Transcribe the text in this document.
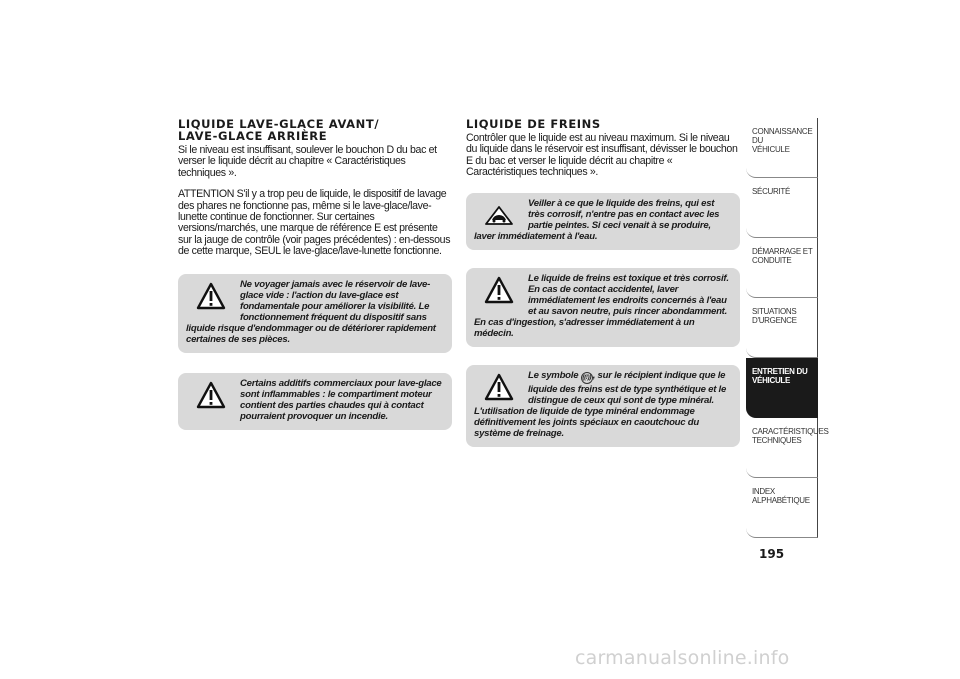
LIQUIDE LAVE-GLACE AVANT/
LAVE-GLACE ARRIÈRE

Si le niveau est insuffisant, soulever le bouchon D du bac et verser le liquide décrit au chapitre « Caractéristiques techniques ».

ATTENTION S'il y a trop peu de liquide, le dispositif de lavage des phares ne fonctionne pas, même si le lave-glace/lave-lunette continue de fonctionner. Sur certaines versions/marchés, une marque de référence E est présente sur la jauge de contrôle (voir pages précédentes) : en-dessous de cette marque, SEUL le lave-glace/lave-lunette fonctionne.

Ne voyager jamais avec le réservoir de lave-glace vide : l'action du lave-glace est fondamentale pour améliorer la visibilité. Le fonctionnement fréquent du dispositif sans liquide risque d'endommager ou de détériorer rapidement certaines de ses pièces.
Certains additifs commerciaux pour lave-glace sont inflammables : le compartiment moteur contient des parties chaudes qui à contact pourraient provoquer un incendie.
LIQUIDE DE FREINS

Contrôler que le liquide est au niveau maximum. Si le niveau du liquide dans le réservoir est insuffisant, dévisser le bouchon E du bac et verser le liquide décrit au chapitre « Caractéristiques techniques ».

Veiller à ce que le liquide des freins, qui est très corrosif, n'entre pas en contact avec les partie peintes. Si ceci venait à se produire, laver immédiatement à l'eau.
Le liquide de freins est toxique et très corrosif. En cas de contact accidentel, laver immédiatement les endroits concernés à l'eau et au savon neutre, puis rincer abondamment. En cas d'ingestion, s'adresser immédiatement à un médecin.
Le symbole ((!)) , sur le récipient indique que le liquide des freins est de type synthétique et le distingue de ceux qui sont de type minéral. L'utilisation de liquide de type minéral endommage définitivement les joints spéciaux en caoutchouc du système de freinage.
CONNAISSANCE DU
VÉHICULE
SÉCURITÉ
DÉMARRAGE ET
CONDUITE
SITUATIONS
D'URGENCE
ENTRETIEN DU
VÉHICULE
CARACTÉRISTIQUES
TECHNIQUES
INDEX
ALPHABÉTIQUE
195
carmanualsonline.info
